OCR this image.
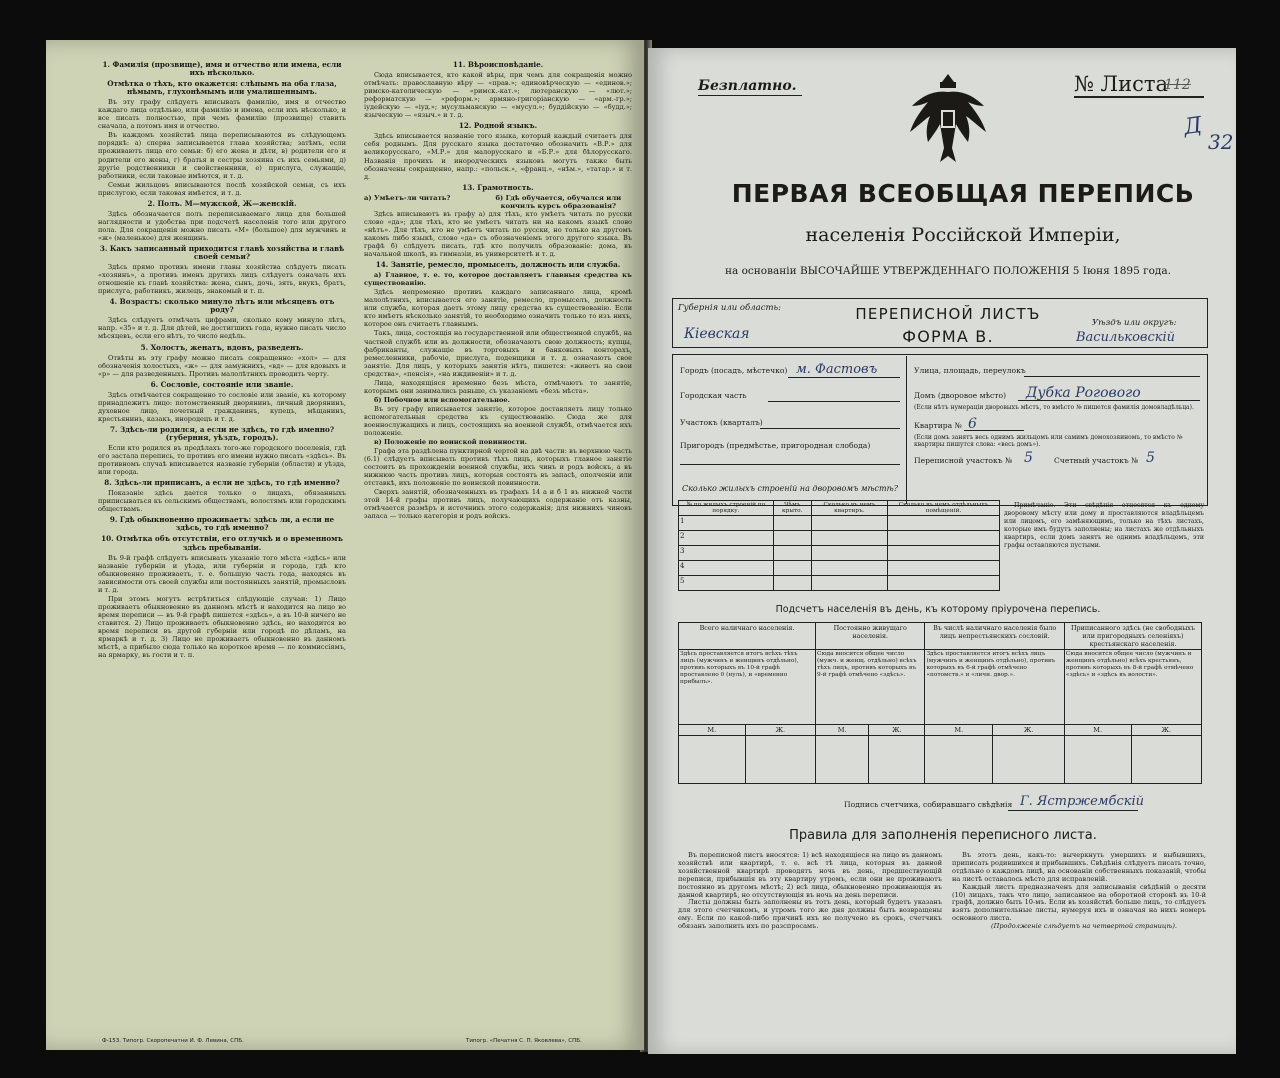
1. Фамилія (прозвище), имя и отчество или имена, если ихъ нѣсколько.
Отмѣтка о тѣхъ, кто окажется: слѣпымъ на оба глаза, нѣмымъ, глухонѣмымъ или умалишеннымъ.

Въ эту графу слѣдуетъ вписывать фамилію, имя и отчество каждаго лица отдѣльно, или фамилію и имена, если ихъ нѣсколько, и все писать полностью, при чемъ фамилію (прозвище) ставить сначала, а потомъ имя и отчество.

Въ каждомъ хозяйствѣ лица переписываются въ слѣдующемъ порядкѣ: а) сперва записывается глава хозяйства; затѣмъ, если проживаютъ лица его семьи: б) его жена и дѣти, в) родители его и родители его жены, г) братья и сестры хозяина съ ихъ семьями, д) другіе родственники и свойственники, е) прислуга, служащіе, работники, если таковые имѣются, и т. д.

Семьи жильцовъ вписываются послѣ хозяйской семьи, съ ихъ прислугою, если таковая имѣется, и т. д.

2. Полъ. М—мужской, Ж—женскій.

Здѣсь обозначается полъ переписываемаго лица для большей наглядности и удобства при подсчетѣ населенія того или другого пола. Для сокращенія можно писать «М» (большое) для мужчинъ и «ж» (маленькое) для женщинъ.

3. Какъ записанный приходится главѣ хозяйства и главѣ своей семьи?

Здѣсь прямо противъ имени главы хозяйства слѣдуетъ писать «хозяинъ», а противъ именъ другихъ лицъ слѣдуетъ означать ихъ отношеніе къ главѣ хозяйства: жена, сынъ, дочь, зять, внукъ, братъ, прислуга, работникъ, жилецъ, знакомый и т. п.

4. Возрастъ: сколько минуло лѣтъ или мѣсяцевъ отъ роду?

Здѣсь слѣдуетъ отмѣчать цифрами, сколько кому минуло лѣтъ, напр. «35» и т. д. Для дѣтей, не достигшихъ года, нужно писать число мѣсяцевъ, если его нѣтъ, то число недѣль.

5. Холостъ, женатъ, вдовъ, разведенъ.

Отвѣты въ эту графу можно писать сокращенно: «хол» — для обозначенія холостыхъ, «ж» — для замужнихъ, «вд» — для вдовыхъ и «р» — для разведенныхъ. Противъ малолѣтнихъ проводить черту.

6. Сословіе, состояніе или званіе.

Здѣсь отмѣчается сокращенно то сословіе или званіе, къ которому принадлежитъ лицо: потомственный дворянинъ, личный дворянинъ, духовное лицо, почетный гражданинъ, купецъ, мѣщанинъ, крестьянинъ, казакъ, инородецъ и т. д.

7. Здѣсь-ли родился, а если не здѣсь, то гдѣ именно? (губерния, уѣздъ, городъ).

Если кто родился въ предѣлахъ того-же городского поселенія, гдѣ его застала перепись, то противъ его имени нужно писать «здѣсь». Въ противномъ случаѣ вписывается названіе губерніи (области) и уѣзда, или города.

8. Здѣсь-ли приписанъ, а если не здѣсь, то гдѣ именно?

Показаніе здѣсь дается только о лицахъ, обязанныхъ приписываться къ сельскимъ обществамъ, волостямъ или городскимъ обществамъ.

9. Гдѣ обыкновенно проживаетъ: здѣсь ли, а если не здѣсь, то гдѣ именно?
10. Отмѣтка объ отсутствіи, его отлучкѣ и о временномъ здѣсь пребываніи.

Въ 9-й графѣ слѣдуетъ вписывать указаніе того мѣста «здѣсь» или названіе губерніи и уѣзда, или губерніи и города, гдѣ кто обыкновенно проживаетъ, т. е. большую часть года, находясь въ зависимости отъ своей службы или постоянныхъ занятій, промысловъ и т. д.

При этомъ могутъ встрѣтиться слѣдующіе случаи: 1) Лицо проживаетъ обыкновенно въ данномъ мѣстѣ и находится на лицо во время переписи — въ 9-й графѣ пишется «здѣсь», а въ 10-й ничего не ставится. 2) Лицо проживаетъ обыкновенно здѣсь, но находится во время переписи въ другой губерніи или городѣ по дѣламъ, на ярмаркѣ и т. д. 3) Лицо не проживаетъ обыкновенно въ данномъ мѣстѣ, а прибыло сюда только на короткое время — по коммиссіямъ, на ярмарку, въ гости и т. п.

11. Вѣроисповѣданіе.

Сюда вписывается, кто какой вѣры, при чемъ для сокращенія можно отмѣчать: православную вѣру — «прав.»; единовѣрческую — «единов.»; римско-католическую — «римск.-кат.»; лютеранскую — «лют.»; реформатскую — «реформ.»; армяно-григоріанскую — «арм.-гр.»; іудейскую — «іуд.»; мусульманскую — «мусул.»; буддійскую — «будд.»; языческую — «языч.» и т. д.

12. Родной языкъ.

Здѣсь вписывается названіе того языка, который каждый считаетъ для себя роднымъ. Для русскаго языка достаточно обозначить «В.Р.» для великорусскаго, «М.Р.» для малорусскаго и «Б.Р.» для бѣлорусскаго. Названія прочихъ и инородческихъ языковъ могутъ также быть обозначены сокращенно, напр.: «польск.», «франц.», «нѣм.», «татар.» и т. д.

13. Грамотность.
а) Умѣетъ-ли читать?	б) Гдѣ обучается, обучался или кончилъ курсъ образованія?

Здѣсь вписываютъ въ графу а) для тѣхъ, кто умѣетъ читать по русски слово «да»; для тѣхъ, кто не умѣетъ читать ни на какомъ языкѣ слово «нѣтъ». Для тѣхъ, кто не умѣетъ читать по русски, но только на другомъ какомъ либо языкѣ, слово «да» съ обозначеніемъ этого другого языка. Въ графѣ б) слѣдуетъ писать, гдѣ кто получилъ образованіе: дома, въ начальной школѣ, въ гимназіи, въ университетѣ и т. д.

14. Занятіе, ремесло, промыселъ, должность или служба.

а) Главное, т. е. то, которое доставляетъ главныя средства къ существованію.

Здѣсь непременно противъ каждаго записаннаго лица, кромѣ малолѣтнихъ, вписывается его занятіе, ремесло, промыселъ, должность или служба, которая даетъ этому лицу средства къ существованію. Если кто имѣетъ нѣсколько занятій, то необходимо означить только то изъ нихъ, которое онъ считаетъ главнымъ.

Такъ, лица, состоящія на государственной или общественной службѣ, на частной службѣ или въ должности, обозначаютъ свою должность; купцы, фабриканты, служащіе въ торговыхъ и банковыхъ конторахъ, ремесленники, рабочіе, прислуга, поденщики и т. д. означаютъ свое занятіе. Для лицъ, у которыхъ занятія нѣтъ, пишется: «живетъ на свои средства», «пенсія», «на иждивеніи» и т. д.

Лица, находящіяся временно безъ мѣста, отмѣчаютъ то занятіе, которымъ они занимались раньше, съ указаніемъ «безъ мѣста».

б) Побочное или вспомогательное.

Въ эту графу вписывается занятіе, которое доставляетъ лицу только вспомогательныя средства къ существованію. Сюда же для военнослужащихъ и лицъ, состоящихъ на военной службѣ, отмѣчается ихъ положеніе.

в) Положеніе по воинской повинности.

Графа эта раздѣлена пунктирной чертой на двѣ части: въ верхнюю часть (6.1) слѣдуетъ вписывать противъ тѣхъ лицъ, которыхъ главное занятіе состоитъ въ прохожденіи военной службы, ихъ чинъ и родъ войскъ, а въ нижнюю часть противъ лицъ, которыя состоятъ въ запасѣ, ополченіи или отставкѣ, ихъ положеніе по воинской повинности.

Сверхъ занятій, обозначенныхъ въ графахъ 14 а и б 1 въ нижней части этой 14-й графы противъ лицъ, получающихъ содержаніе отъ казны, отмѣчается размѣръ и источникъ этого содержанія; для нижнихъ чиновъ запаса — только категорія и родъ войскъ.

Ф-153. Типогр. Скоропечатни И. Ф. Левина, СПБ.	Типогр. «Печатня С. П. Яковлева», СПБ.
Безплатно.	№ Листа
112
Д
32
ПЕРВАЯ ВСЕОБЩАЯ ПЕРЕПИСЬ
населенія Россійской Имперіи,
на основаніи ВЫСОЧАЙШЕ УТВЕРЖДЕННАГО ПОЛОЖЕНІЯ 5 Іюня 1895 года.
Губернія или область:
Кіевская
ПЕРЕПИСНОЙ ЛИСТЪ
ФОРМА В.
Уѣздъ или округъ:
Васильковскій
Городъ (посадъ, мѣстечко) м. Фастовъ
Городская часть
Участокъ (кварталъ)
Пригородъ (предмѣстье, пригородная слобода)
Улица, площадь, переулокъ
Домъ (дворовое мѣсто) Дубка Рогового
(Если нѣтъ нумераціи дворовыхъ мѣстъ, то вмѣсто № пишется фамилія домовладѣльца).
Квартира № 6
(Если домъ занятъ весь однимъ жильцомъ или самимъ домохозяиномъ, то вмѣсто № квартиры пишутся слова: «весь домъ»).
Переписной участокъ № 5	Счетный участокъ № 5
Сколько жилыхъ строеній на дворовомъ мѣстѣ?
№ по жилыхъ строеній по порядку.	Чѣмъ крыто.	Сколько въ немъ квартиръ.	Сколько въ немъ отдѣльныхъ помѣщеній.
1			
2			
3			
4			
5			

Примѣчаніе. Эти свѣдѣнія относятся къ одному дворовому мѣсту или дому и проставляются владѣльцемъ или лицомъ, его замѣняющимъ, только на тѣхъ листахъ, которые имъ будутъ заполнены; на листахъ же отдѣльныхъ квартиръ, если домъ занятъ не однимъ владѣльцемъ, эти графы оставляются пустыми.

Подсчетъ населенія въ день, къ которому пріурочена перепись.
Всего наличнаго населенія.		Постоянно живущаго населенія.		Въ числѣ наличнаго населенія было лицъ непрестьянскихъ сословій.		Приписанного здѣсь (не свободныхъ или пригородныхъ селеніяхъ) крестьянскаго населенія.	
Здѣсь проставляется итогъ всѣхъ тѣхъ лицъ (мужчинъ и женщинъ отдѣльно), противъ которыхъ въ 10-й графѣ проставлено 0 (нуль), и «временно прибылъ».		Сюда вносится общее число (мужч. и женщ. отдѣльно) всѣхъ тѣхъ лицъ, противъ которыхъ въ 9-й графѣ отмѣчено «здѣсь».		Здѣсь проставляется итогъ всѣхъ лицъ (мужчинъ и женщинъ отдѣльно), противъ которыхъ въ 6-й графѣ отмѣчено «потомств.» и «личн. двор.».		Сюда вносится общее число (мужчинъ и женщинъ отдѣльно) всѣхъ крестьянъ, противъ которыхъ въ 8-й графѣ отмѣчено «здѣсь» и «здѣсь въ волости».	
М.	Ж.	М.	Ж.	М.	Ж.	М.	Ж.

Подпись счетчика, собиравшаго свѣдѣнія Г. Ястржембскій
Правила для заполненія переписного листа.

Въ переписной листъ вносятся: 1) всѣ находящіеся на лицо въ данномъ хозяйствѣ или квартирѣ, т. е. всѣ тѣ лица, которыя въ данной хозяйственной квартирѣ проводятъ ночь въ день, предшествующій переписи, прибывшія въ эту квартиру утромъ, если они не проживаютъ постоянно въ другомъ мѣстѣ; 2) всѣ лица, обыкновенно проживающія въ данной квартирѣ, но отсутствующія въ ночь на день переписи.

Листы должны быть заполнены въ тотъ день, который будетъ указанъ для этого счетчикомъ, и утромъ того же дня должны быть возвращены ему. Если по какой-либо причинѣ ихъ не получено въ срокъ, счетчикъ обязанъ заполнить ихъ по разспросамъ.

Въ этотъ день, какъ-то: вычеркнуть умершихъ и выбывшихъ, приписать родившихся и прибывшихъ. Свѣдѣнія слѣдуетъ писать точно, отдѣльно о каждомъ лицѣ, на основаніи собственныхъ показаній, чтобы на листѣ оставалось мѣсто для исправленій.

Каждый листъ предназначенъ для записыванія свѣдѣній о десяти (10) лицахъ, такъ что лицо, записанное на оборотной сторонѣ въ 10-й графѣ, должно быть 10-мъ. Если въ хозяйствѣ больше лицъ, то слѣдуетъ взять дополнительные листы, нумеруя ихъ и означая на нихъ номеръ основного листа.

(Продолженіе слѣдуетъ на четвертой страницѣ).
